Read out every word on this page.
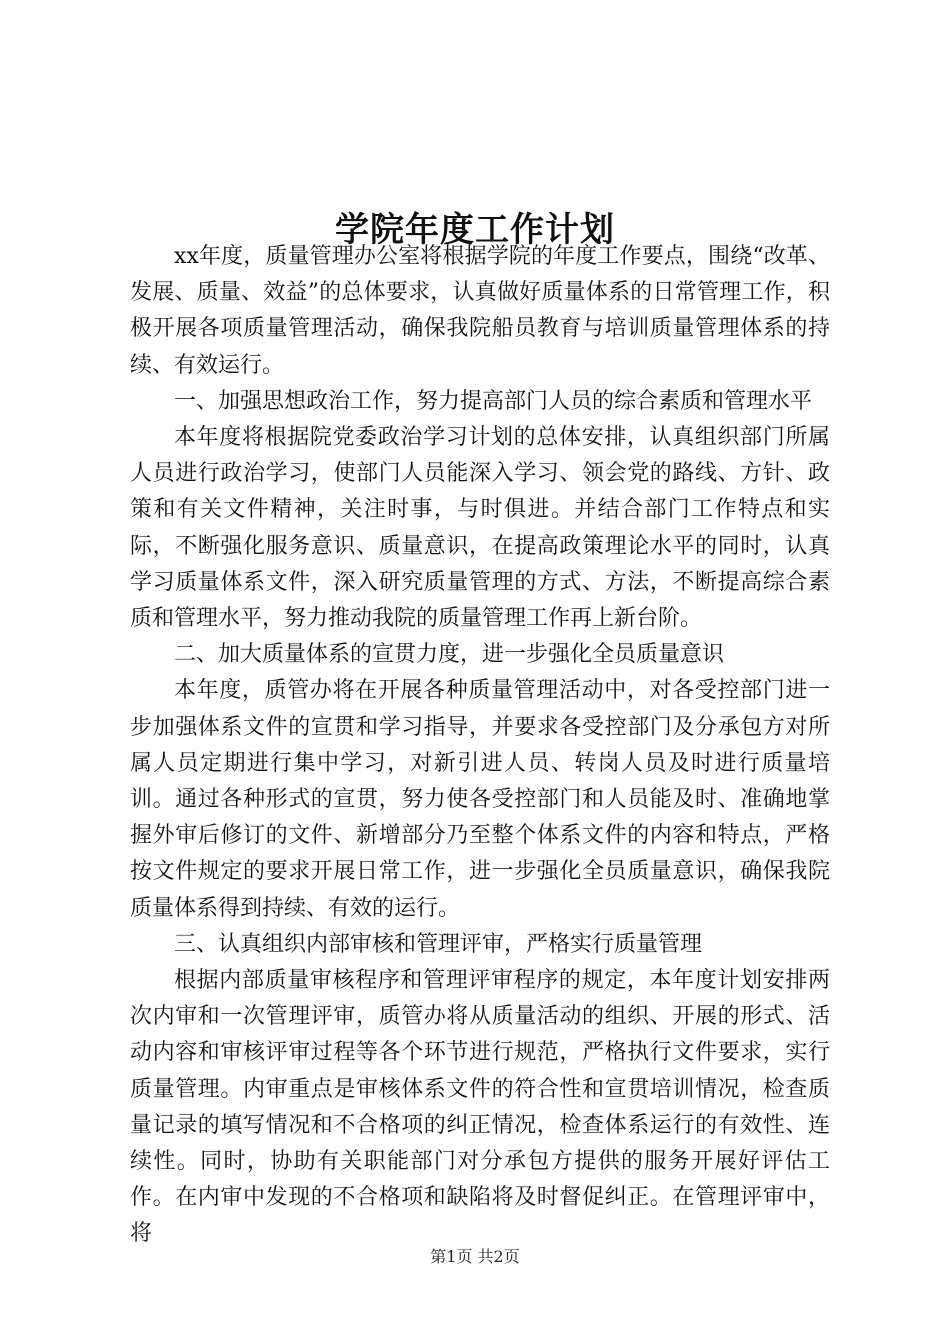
学院年度工作计划

xx年度，质量管理办公室将根据学院的年度工作要点，围绕“改革、发展、质量、效益”的总体要求，认真做好质量体系的日常管理工作，积极开展各项质量管理活动，确保我院船员教育与培训质量管理体系的持续、有效运行。

一、加强思想政治工作，努力提高部门人员的综合素质和管理水平

本年度将根据院党委政治学习计划的总体安排，认真组织部门所属人员进行政治学习，使部门人员能深入学习、领会党的路线、方针、政策和有关文件精神，关注时事，与时俱进。并结合部门工作特点和实际，不断强化服务意识、质量意识，在提高政策理论水平的同时，认真学习质量体系文件，深入研究质量管理的方式、方法，不断提高综合素质和管理水平，努力推动我院的质量管理工作再上新台阶。

二、加大质量体系的宣贯力度，进一步强化全员质量意识

本年度，质管办将在开展各种质量管理活动中，对各受控部门进一步加强体系文件的宣贯和学习指导，并要求各受控部门及分承包方对所属人员定期进行集中学习，对新引进人员、转岗人员及时进行质量培训。通过各种形式的宣贯，努力使各受控部门和人员能及时、准确地掌握外审后修订的文件、新增部分乃至整个体系文件的内容和特点，严格按文件规定的要求开展日常工作，进一步强化全员质量意识，确保我院质量体系得到持续、有效的运行。

三、认真组织内部审核和管理评审，严格实行质量管理

根据内部质量审核程序和管理评审程序的规定，本年度计划安排两次内审和一次管理评审，质管办将从质量活动的组织、开展的形式、活动内容和审核评审过程等各个环节进行规范，严格执行文件要求，实行质量管理。内审重点是审核体系文件的符合性和宣贯培训情况，检查质量记录的填写情况和不合格项的纠正情况，检查体系运行的有效性、连续性。同时，协助有关职能部门对分承包方提供的服务开展好评估工作。在内审中发现的不合格项和缺陷将及时督促纠正。在管理评审中，将

第1页 共2页
